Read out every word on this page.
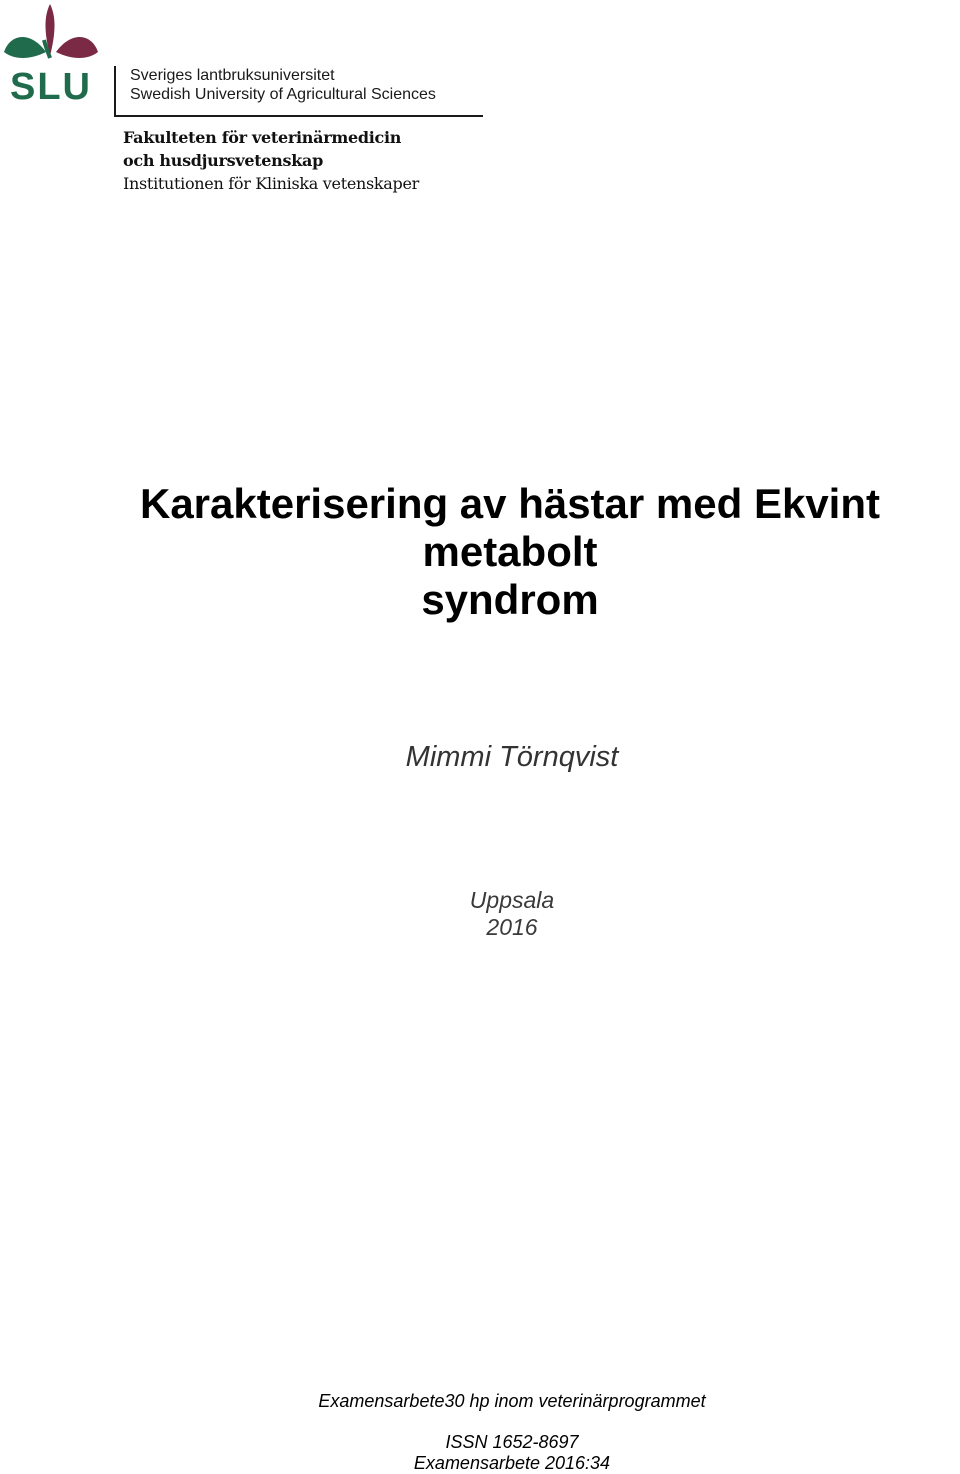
SLU Sveriges lantbruksuniversitet
Swedish University of Agricultural Sciences
Fakulteten för veterinärmedicin
och husdjursvetenskap
Institutionen för Kliniska vetenskaper
Karakterisering av hästar med Ekvint metabolt
syndrom
Mimmi Törnqvist
Uppsala
2016
Examensarbete30 hp inom veterinärprogrammet
ISSN 1652-8697
Examensarbete 2016:34
